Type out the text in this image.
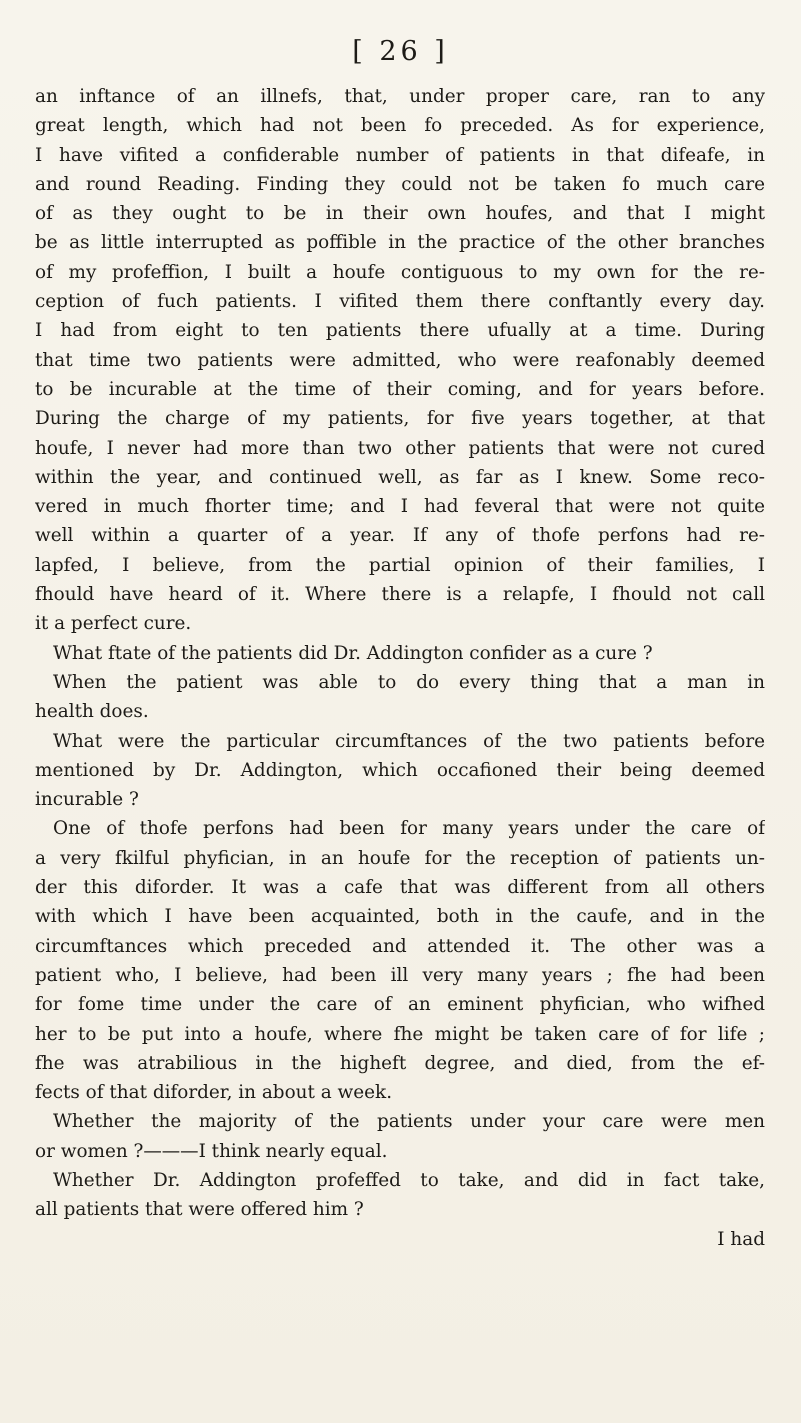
[ 26 ]
an inftance of an illnefs, that, under proper care, ran to any
great length, which had not been fo preceded. As for experience,
I have vifited a confiderable number of patients in that difeafe, in
and round Reading. Finding they could not be taken fo much care
of as they ought to be in their own houfes, and that I might
be as little interrupted as poffible in the practice of the other branches
of my profeffion, I built a houfe contiguous to my own for the re-
ception of fuch patients. I vifited them there conftantly every day.
I had from eight to ten patients there ufually at a time. During
that time two patients were admitted, who were reafonably deemed
to be incurable at the time of their coming, and for years before.
During the charge of my patients, for five years together, at that
houfe, I never had more than two other patients that were not cured
within the year, and continued well, as far as I knew. Some reco-
vered in much fhorter time; and I had feveral that were not quite
well within a quarter of a year. If any of thofe perfons had re-
lapfed, I believe, from the partial opinion of their families, I
fhould have heard of it. Where there is a relapfe, I fhould not call
it a perfect cure.
What ftate of the patients did Dr. Addington confider as a cure ?
When the patient was able to do every thing that a man in
health does.
What were the particular circumftances of the two patients before
mentioned by Dr. Addington, which occafioned their being deemed
incurable ?
One of thofe perfons had been for many years under the care of
a very fkilful phyfician, in an houfe for the reception of patients un-
der this diforder. It was a cafe that was different from all others
with which I have been acquainted, both in the caufe, and in the
circumftances which preceded and attended it. The other was a
patient who, I believe, had been ill very many years ; fhe had been
for fome time under the care of an eminent phyfician, who wifhed
her to be put into a houfe, where fhe might be taken care of for life ;
fhe was atrabilious in the higheft degree, and died, from the ef-
fects of that diforder, in about a week.
Whether the majority of the patients under your care were men
or women ?———I think nearly equal.
Whether Dr. Addington profeffed to take, and did in fact take,
all patients that were offered him ?
I had
